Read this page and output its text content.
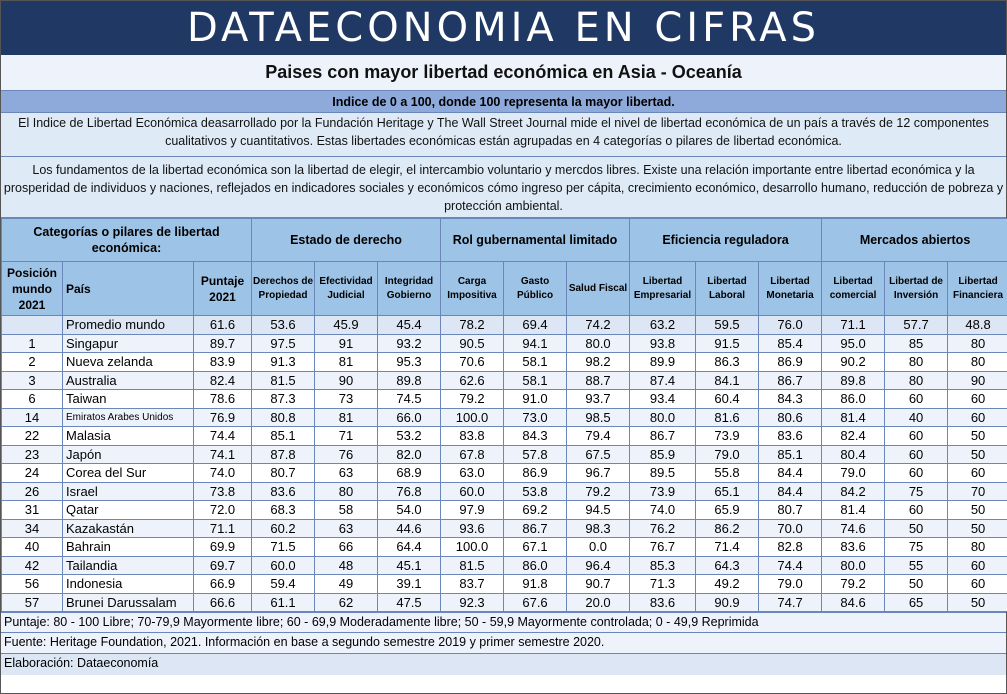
DATAECONOMIA EN CIFRAS
Paises con mayor libertad económica en Asia - Oceanía
Indice de 0 a 100, donde 100 representa la mayor libertad.
El Indice de Libertad Económica deasarrollado por la Fundación Heritage y The Wall Street Journal mide el nivel de libertad económica de un país a través de 12 componentes cualitativos y cuantitativos. Estas libertades económicas están agrupadas en 4 categorías o pilares de libertad económica.
Los fundamentos de la libertad económica son la libertad de elegir, el intercambio voluntario y mercdos libres. Existe una relación importante entre libertad económica y la prosperidad de individuos y naciones, reflejados en indicadores sociales y económicos cómo ingreso per cápita, crecimiento económico, desarrollo humano, reducción de pobreza y protección ambiental.
Categorías o pilares de libertad económica:			Estado de derecho			Rol gubernamental limitado			Eficiencia reguladora			Mercados abiertos		
Posición mundo 2021	País	Puntaje 2021	Derechos de Propiedad	Efectividad Judicial	Integridad Gobierno	Carga Impositiva	Gasto Público	Salud Fiscal	Libertad Empresarial	Libertad Laboral	Libertad Monetaria	Libertad comercial	Libertad de Inversión	Libertad Financiera
	Promedio mundo	61.6	53.6	45.9	45.4	78.2	69.4	74.2	63.2	59.5	76.0	71.1	57.7	48.8
1	Singapur	89.7	97.5	91	93.2	90.5	94.1	80.0	93.8	91.5	85.4	95.0	85	80
2	Nueva zelanda	83.9	91.3	81	95.3	70.6	58.1	98.2	89.9	86.3	86.9	90.2	80	80
3	Australia	82.4	81.5	90	89.8	62.6	58.1	88.7	87.4	84.1	86.7	89.8	80	90
6	Taiwan	78.6	87.3	73	74.5	79.2	91.0	93.7	93.4	60.4	84.3	86.0	60	60
14	Emiratos Arabes Unidos	76.9	80.8	81	66.0	100.0	73.0	98.5	80.0	81.6	80.6	81.4	40	60
22	Malasia	74.4	85.1	71	53.2	83.8	84.3	79.4	86.7	73.9	83.6	82.4	60	50
23	Japón	74.1	87.8	76	82.0	67.8	57.8	67.5	85.9	79.0	85.1	80.4	60	50
24	Corea del Sur	74.0	80.7	63	68.9	63.0	86.9	96.7	89.5	55.8	84.4	79.0	60	60
26	Israel	73.8	83.6	80	76.8	60.0	53.8	79.2	73.9	65.1	84.4	84.2	75	70
31	Qatar	72.0	68.3	58	54.0	97.9	69.2	94.5	74.0	65.9	80.7	81.4	60	50
34	Kazakastán	71.1	60.2	63	44.6	93.6	86.7	98.3	76.2	86.2	70.0	74.6	50	50
40	Bahrain	69.9	71.5	66	64.4	100.0	67.1	0.0	76.7	71.4	82.8	83.6	75	80
42	Tailandia	69.7	60.0	48	45.1	81.5	86.0	96.4	85.3	64.3	74.4	80.0	55	60
56	Indonesia	66.9	59.4	49	39.1	83.7	91.8	90.7	71.3	49.2	79.0	79.2	50	60
57	Brunei Darussalam	66.6	61.1	62	47.5	92.3	67.6	20.0	83.6	90.9	74.7	84.6	65	50
Puntaje: 80 - 100 Libre; 70-79,9 Mayormente libre; 60 - 69,9 Moderadamente libre; 50 - 59,9 Mayormente controlada; 0 - 49,9 Reprimida
Fuente: Heritage Foundation, 2021. Información en base a segundo semestre 2019 y primer semestre 2020.
Elaboración: Dataeconomía
